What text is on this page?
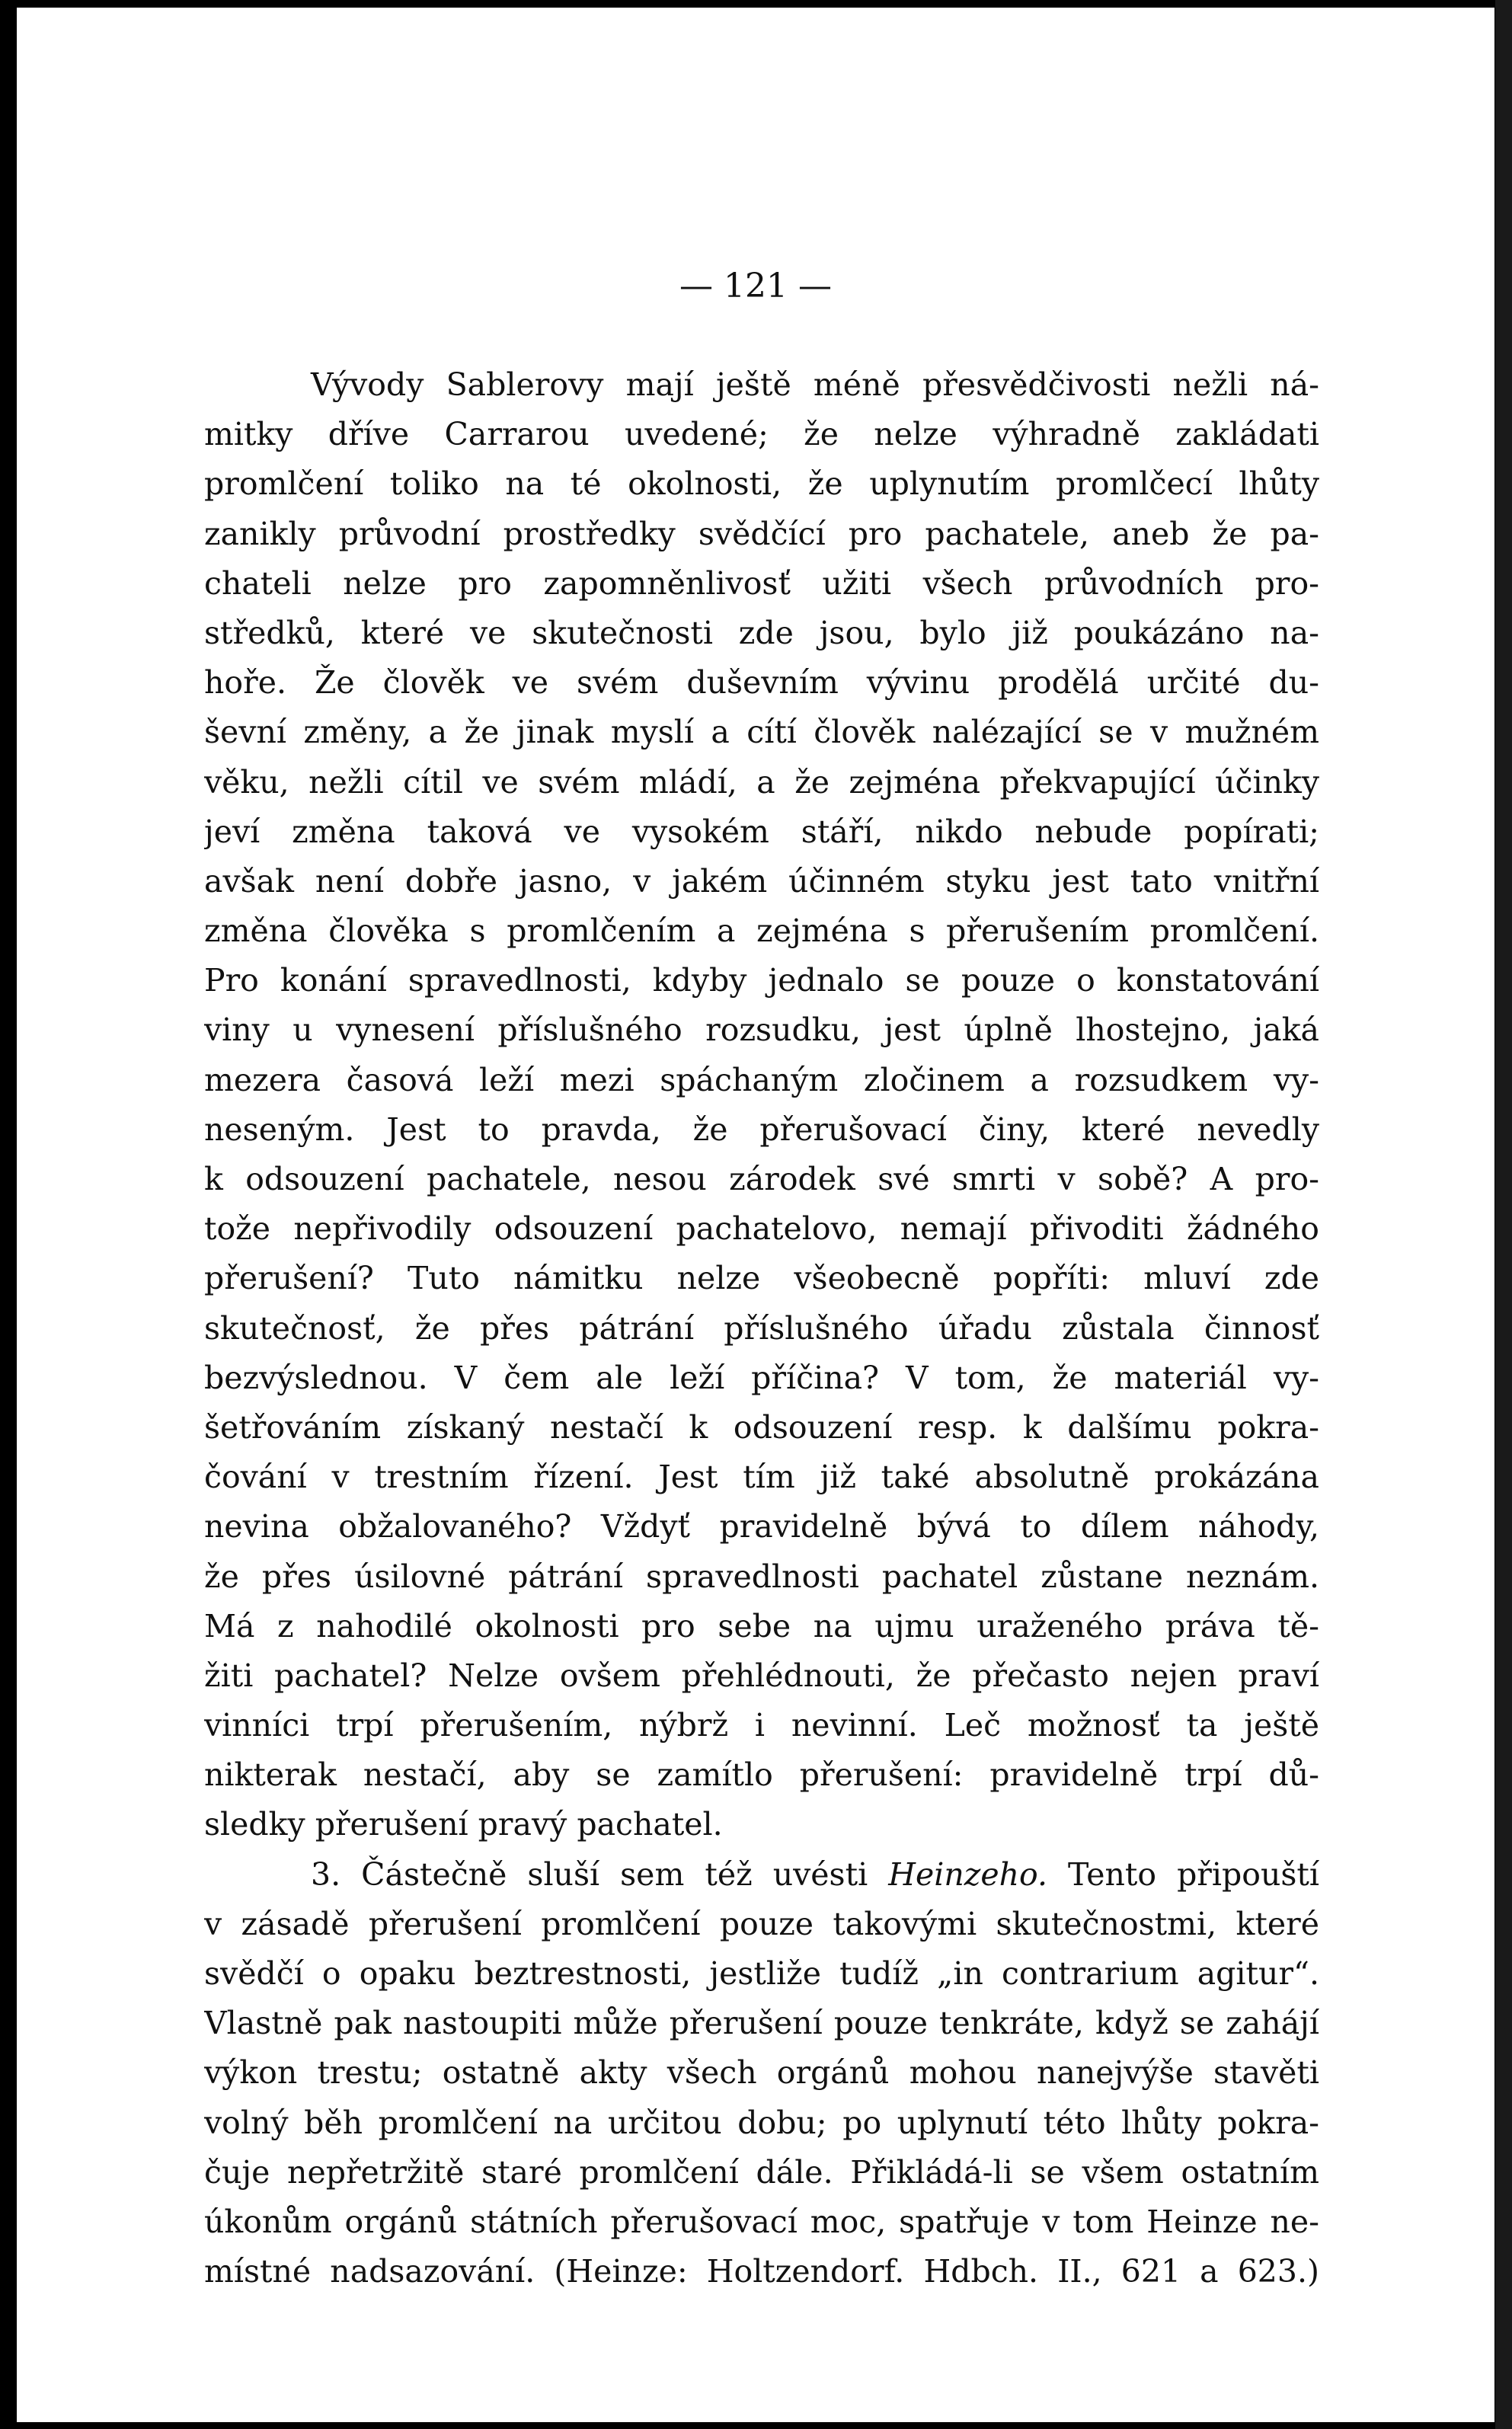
— 121 —
Vývody Sablerovy mají ještě méně přesvědčivosti nežli ná-
mitky dříve Carrarou uvedené; že nelze výhradně zakládati
promlčení toliko na té okolnosti, že uplynutím promlčecí lhůty
zanikly průvodní prostředky svědčící pro pachatele, aneb že pa-
chateli nelze pro zapomněnlivosť užiti všech průvodních pro-
středků, které ve skutečnosti zde jsou, bylo již poukázáno na-
hoře. Že člověk ve svém duševním vývinu prodělá určité du-
ševní změny, a že jinak myslí a cítí člověk nalézající se v mužném
věku, nežli cítil ve svém mládí, a že zejména překvapující účinky
jeví změna taková ve vysokém stáří, nikdo nebude popírati;
avšak není dobře jasno, v jakém účinném styku jest tato vnitřní
změna člověka s promlčením a zejména s přerušením promlčení.
Pro konání spravedlnosti, kdyby jednalo se pouze o konstatování
viny u vynesení příslušného rozsudku, jest úplně lhostejno, jaká
mezera časová leží mezi spáchaným zločinem a rozsudkem vy-
neseným. Jest to pravda, že přerušovací činy, které nevedly
k odsouzení pachatele, nesou zárodek své smrti v sobě? A pro-
tože nepřivodily odsouzení pachatelovo, nemají přivoditi žádného
přerušení? Tuto námitku nelze všeobecně popříti: mluví zde
skutečnosť, že přes pátrání příslušného úřadu zůstala činnosť
bezvýslednou. V čem ale leží příčina? V tom, že materiál vy-
šetřováním získaný nestačí k odsouzení resp. k dalšímu pokra-
čování v trestním řízení. Jest tím již také absolutně prokázána
nevina obžalovaného? Vždyť pravidelně bývá to dílem náhody,
že přes úsilovné pátrání spravedlnosti pachatel zůstane neznám.
Má z nahodilé okolnosti pro sebe na ujmu uraženého práva tě-
žiti pachatel? Nelze ovšem přehlédnouti, že přečasto nejen praví
vinníci trpí přerušením, nýbrž i nevinní. Leč možnosť ta ještě
nikterak nestačí, aby se zamítlo přerušení: pravidelně trpí dů-
sledky přerušení pravý pachatel.
3. Částečně sluší sem též uvésti Heinzeho. Tento připouští
v zásadě přerušení promlčení pouze takovými skutečnostmi, které
svědčí o opaku beztrestnosti, jestliže tudíž „in contrarium agitur“.
Vlastně pak nastoupiti může přerušení pouze tenkráte, když se zahájí
výkon trestu; ostatně akty všech orgánů mohou nanejvýše stavěti
volný běh promlčení na určitou dobu; po uplynutí této lhůty pokra-
čuje nepřetržitě staré promlčení dále. Přikládá-li se všem ostatním
úkonům orgánů státních přerušovací moc, spatřuje v tom Heinze ne-
místné nadsazování. (Heinze: Holtzendorf. Hdbch. II., 621 a 623.)
